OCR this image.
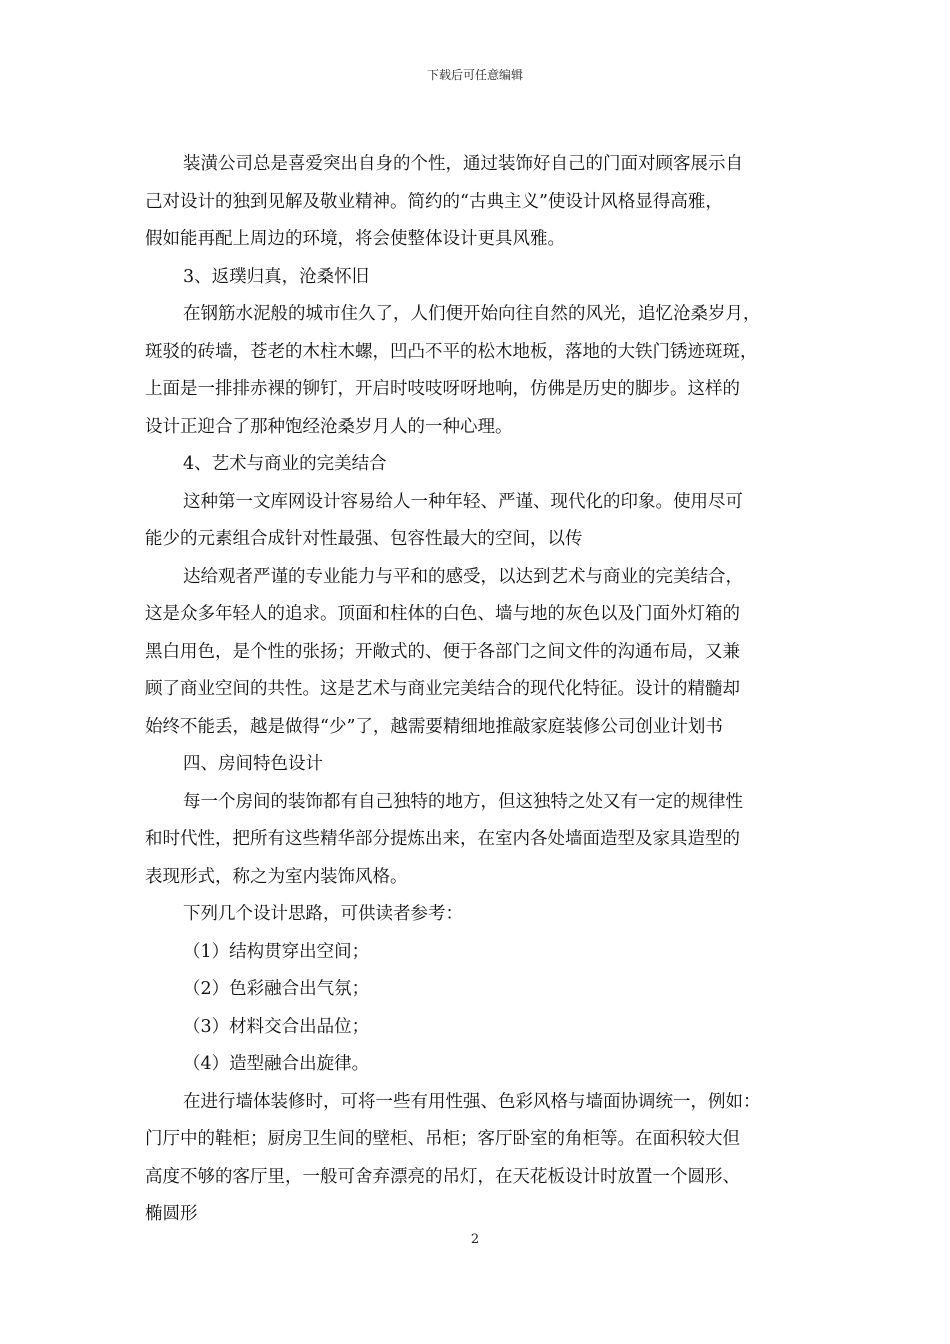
下载后可任意编辑
装潢公司总是喜爱突出自身的个性，通过装饰好自己的门面对顾客展示自
己对设计的独到见解及敬业精神。简约的“古典主义”使设计风格显得高雅，
假如能再配上周边的环境，将会使整体设计更具风雅。
3、返璞归真，沧桑怀旧
在钢筋水泥般的城市住久了，人们便开始向往自然的风光，追忆沧桑岁月，
斑驳的砖墙，苍老的木柱木螺，凹凸不平的松木地板，落地的大铁门锈迹斑斑，
上面是一排排赤裸的铆钉，开启时吱吱呀呀地响，仿佛是历史的脚步。这样的
设计正迎合了那种饱经沧桑岁月人的一种心理。
4、艺术与商业的完美结合
这种第一文库网设计容易给人一种年轻、严谨、现代化的印象。使用尽可
能少的元素组合成针对性最强、包容性最大的空间，以传
达给观者严谨的专业能力与平和的感受，以达到艺术与商业的完美结合，
这是众多年轻人的追求。顶面和柱体的白色、墙与地的灰色以及门面外灯箱的
黑白用色，是个性的张扬；开敞式的、便于各部门之间文件的沟通布局，又兼
顾了商业空间的共性。这是艺术与商业完美结合的现代化特征。设计的精髓却
始终不能丢，越是做得“少”了，越需要精细地推敲家庭装修公司创业计划书
四、房间特色设计
每一个房间的装饰都有自己独特的地方，但这独特之处又有一定的规律性
和时代性，把所有这些精华部分提炼出来，在室内各处墙面造型及家具造型的
表现形式，称之为室内装饰风格。
下列几个设计思路，可供读者参考：
（1）结构贯穿出空间；
（2）色彩融合出气氛；
（3）材料交合出品位；
（4）造型融合出旋律。
在进行墙体装修时，可将一些有用性强、色彩风格与墙面协调统一，例如：
门厅中的鞋柜；厨房卫生间的壁柜、吊柜；客厅卧室的角柜等。在面积较大但
高度不够的客厅里，一般可舍弃漂亮的吊灯，在天花板设计时放置一个圆形、
椭圆形
2
